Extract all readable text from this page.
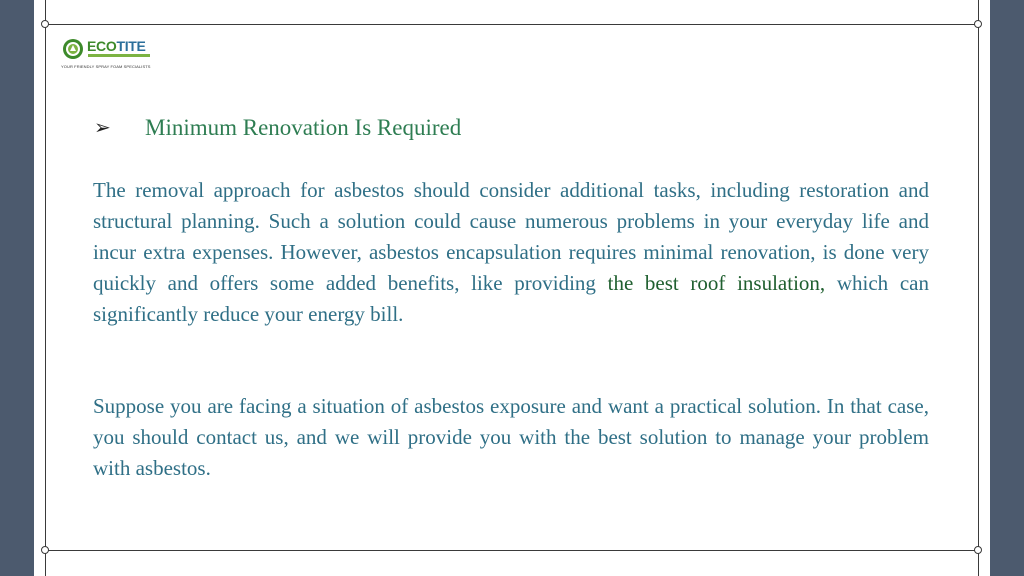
ECOTITE
YOUR FRIENDLY SPRAY FOAM SPECIALISTS
➢ Minimum Renovation Is Required

The removal approach for asbestos should consider additional tasks, including restoration and structural planning. Such a solution could cause numerous problems in your everyday life and incur extra expenses. However, asbestos encapsulation requires minimal renovation, is done very quickly and offers some added benefits, like providing the best roof insulation, which can significantly reduce your energy bill.

Suppose you are facing a situation of asbestos exposure and want a practical solution. In that case, you should contact us, and we will provide you with the best solution to manage your problem with asbestos.
